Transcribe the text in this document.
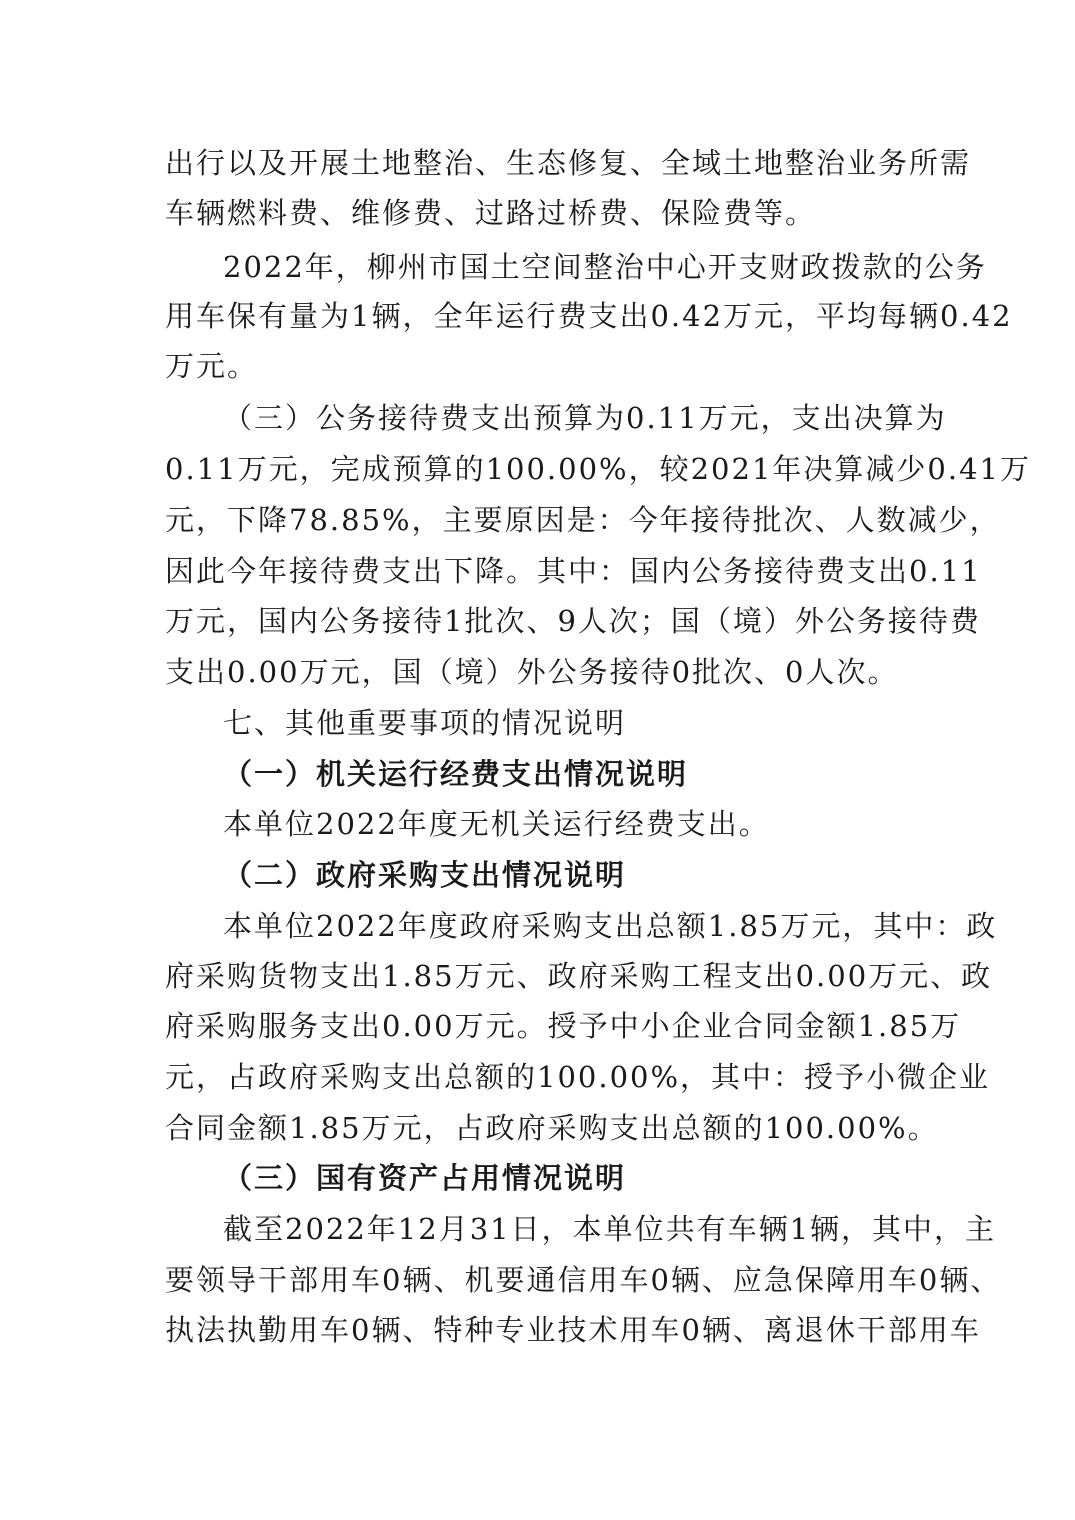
出行以及开展土地整治、生态修复、全域土地整治业务所需
车辆燃料费、维修费、过路过桥费、保险费等。
2022年，柳州市国土空间整治中心开支财政拨款的公务
用车保有量为1辆，全年运行费支出0.42万元，平均每辆0.42
万元。
（三）公务接待费支出预算为0.11万元，支出决算为
0.11万元，完成预算的100.00%，较2021年决算减少0.41万
元，下降78.85%，主要原因是：今年接待批次、人数减少，
因此今年接待费支出下降。其中：国内公务接待费支出0.11
万元，国内公务接待1批次、9人次；国（境）外公务接待费
支出0.00万元，国（境）外公务接待0批次、0人次。
七、其他重要事项的情况说明
（一）机关运行经费支出情况说明
本单位2022年度无机关运行经费支出。
（二）政府采购支出情况说明
本单位2022年度政府采购支出总额1.85万元，其中：政
府采购货物支出1.85万元、政府采购工程支出0.00万元、政
府采购服务支出0.00万元。授予中小企业合同金额1.85万
元，占政府采购支出总额的100.00%，其中：授予小微企业
合同金额1.85万元，占政府采购支出总额的100.00%。
（三）国有资产占用情况说明
截至2022年12月31日，本单位共有车辆1辆，其中，主
要领导干部用车0辆、机要通信用车0辆、应急保障用车0辆、
执法执勤用车0辆、特种专业技术用车0辆、离退休干部用车
